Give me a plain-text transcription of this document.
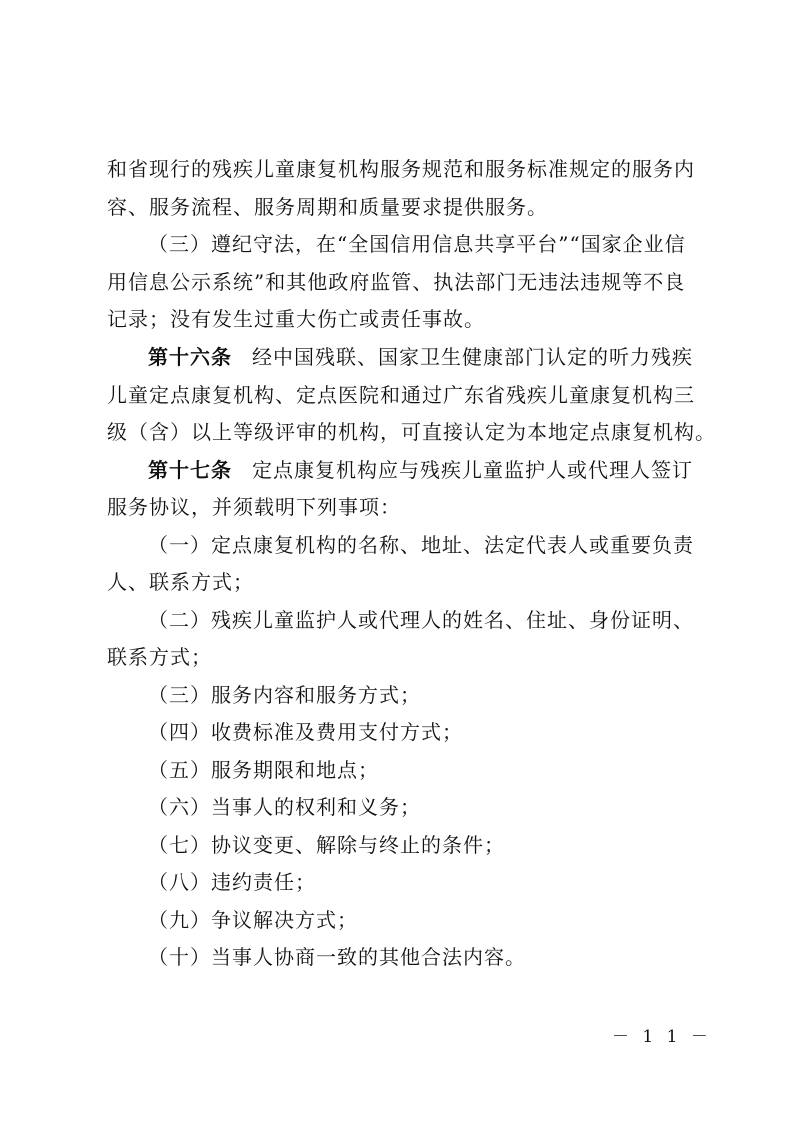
和省现行的残疾儿童康复机构服务规范和服务标准规定的服务内
容、服务流程、服务周期和质量要求提供服务。
（三）遵纪守法，在“全国信用信息共享平台”“国家企业信
用信息公示系统”和其他政府监管、执法部门无违法违规等不良
记录；没有发生过重大伤亡或责任事故。
第十六条 经中国残联、国家卫生健康部门认定的听力残疾
儿童定点康复机构、定点医院和通过广东省残疾儿童康复机构三
级（含）以上等级评审的机构，可直接认定为本地定点康复机构。
第十七条 定点康复机构应与残疾儿童监护人或代理人签订
服务协议，并须载明下列事项：
（一）定点康复机构的名称、地址、法定代表人或重要负责
人、联系方式；
（二）残疾儿童监护人或代理人的姓名、住址、身份证明、
联系方式；
（三）服务内容和服务方式；
（四）收费标准及费用支付方式；
（五）服务期限和地点；
（六）当事人的权利和义务；
（七）协议变更、解除与终止的条件；
（八）违约责任；
（九）争议解决方式；
（十）当事人协商一致的其他合法内容。
－ 1 1 －
